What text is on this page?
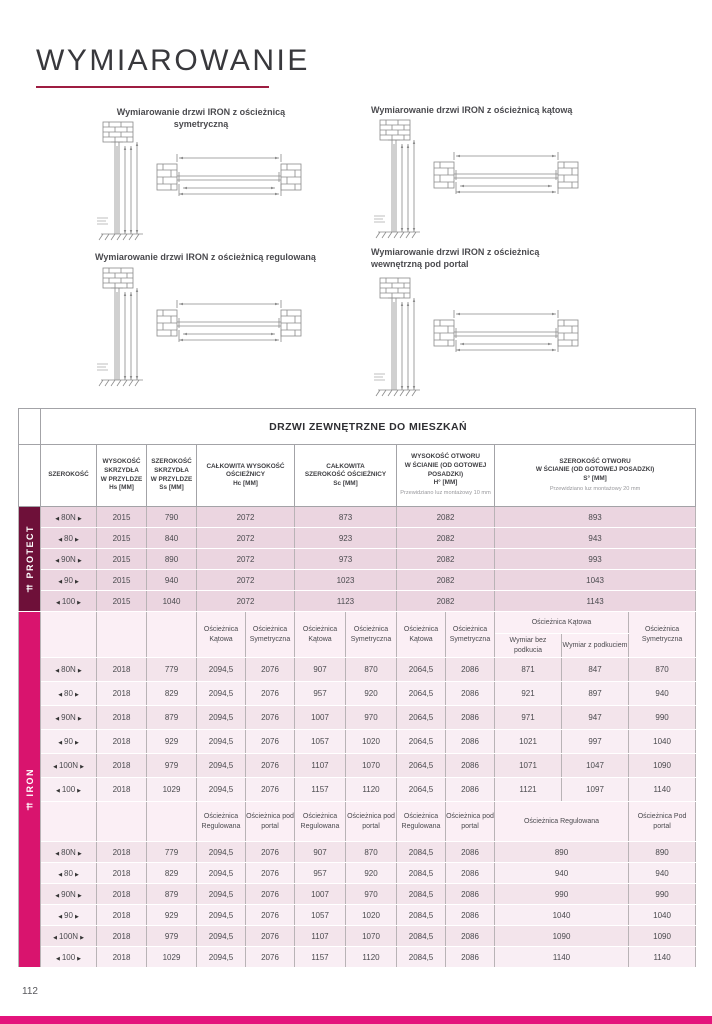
WYMIAROWANIE
Wymiarowanie drzwi IRON z ościeżnicą symetryczną
Wymiarowanie drzwi IRON z ościeżnicą kątową
Wymiarowanie drzwi IRON z ościeżnicą regulowaną	Wymiarowanie drzwi IRON z ościeżnicą wewnętrzną pod portal
	DRZWI ZEWNĘTRZNE DO MIESZKAŃ											

SZEROKOŚĆ

WYSOKOŚĆ
SKRZYDŁA
W PRZYLDZE
Hs [MM]

SZEROKOŚĆ
SKRZYDŁA
W PRZYLDZE
Ss [MM]

CAŁKOWITA WYSOKOŚĆ
OŚCIEŻNICY
Hc [MM]

CAŁKOWITA
SZEROKOŚĆ OŚCIEŻNICY
Sc [MM]

WYSOKOŚĆ OTWORU
W ŚCIANIE (OD GOTOWEJ
POSADZKI)
H° [MM]
Przewidziano luz montażowy 10 mm

SZEROKOŚĆ OTWORU
W ŚCIANIE (OD GOTOWEJ POSADZKI)
S° [MM]
Przewidziano luz montażowy 20 mm

PROTECT	◀ 80N ▶	2015	790	2072		873		2082		893		
	◀ 80 ▶	2015	840	2072		923		2082		943		
	◀ 90N ▶	2015	890	2072		973		2082		993		
	◀ 90 ▶	2015	940	2072		1023		2082		1043		
	◀ 100 ▶	2015	1040	2072		1123		2082		1143		

IRON				Ościeżnica Kątowa	Ościeżnica Symetryczna	Ościeżnica Kątowa	Ościeżnica Symetryczna	Ościeżnica Kątowa	Ościeżnica Symetryczna	Ościeżnica Kątowa		Ościeżnica Symetryczna
										Wymiar bez podkucia	Wymiar z podkuciem	
	◀ 80N ▶	2018	779	2094,5	2076	907	870	2064,5	2086	871	847	870
	◀ 80 ▶	2018	829	2094,5	2076	957	920	2064,5	2086	921	897	940
	◀ 90N ▶	2018	879	2094,5	2076	1007	970	2064,5	2086	971	947	990
	◀ 90 ▶	2018	929	2094,5	2076	1057	1020	2064,5	2086	1021	997	1040
	◀ 100N ▶	2018	979	2094,5	2076	1107	1070	2064,5	2086	1071	1047	1090
	◀ 100 ▶	2018	1029	2094,5	2076	1157	1120	2064,5	2086	1121	1097	1140
				Ościeżnica Regulowana	Ościeżnica pod portal	Ościeżnica Regulowana	Ościeżnica pod portal	Ościeżnica Regulowana	Ościeżnica pod portal	Ościeżnica Regulowana		Ościeżnica Pod portal
	◀ 80N ▶	2018	779	2094,5	2076	907	870	2084,5	2086	890		890
	◀ 80 ▶	2018	829	2094,5	2076	957	920	2084,5	2086	940		940
	◀ 90N ▶	2018	879	2094,5	2076	1007	970	2084,5	2086	990		990
	◀ 90 ▶	2018	929	2094,5	2076	1057	1020	2084,5	2086	1040		1040
	◀ 100N ▶	2018	979	2094,5	2076	1107	1070	2084,5	2086	1090		1090
	◀ 100 ▶	2018	1029	2094,5	2076	1157	1120	2084,5	2086	1140		1140
112
